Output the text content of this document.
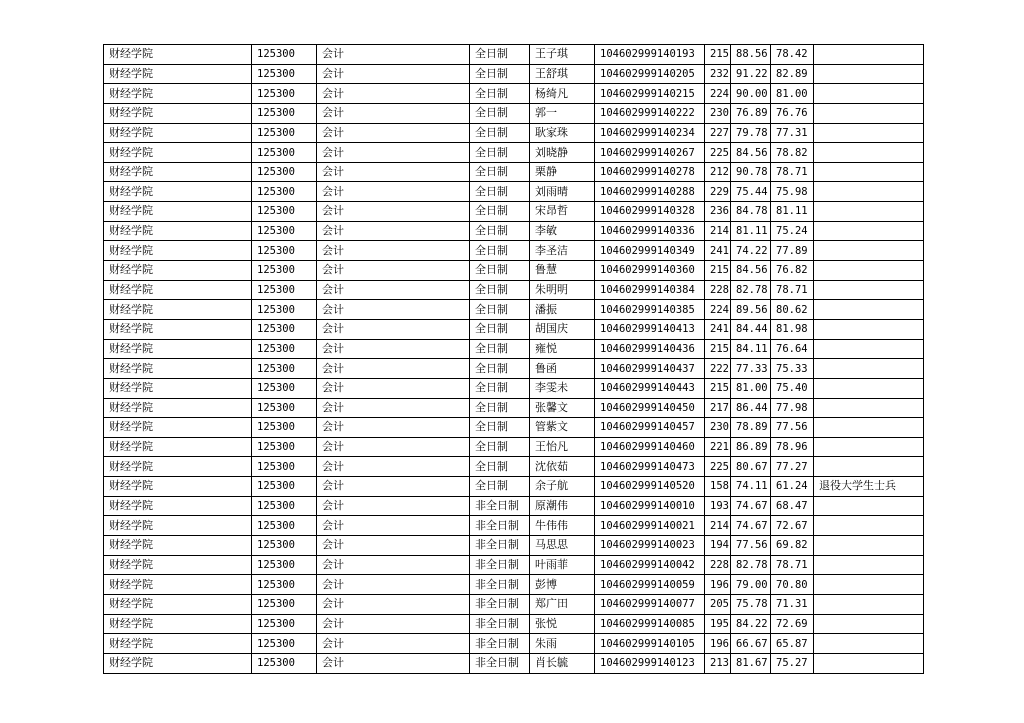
财经学院	125300	会计	全日制	王子琪	104602999140193	215	88.56	78.42	
财经学院	125300	会计	全日制	王舒琪	104602999140205	232	91.22	82.89	
财经学院	125300	会计	全日制	杨绮凡	104602999140215	224	90.00	81.00	
财经学院	125300	会计	全日制	郭一	104602999140222	230	76.89	76.76	
财经学院	125300	会计	全日制	耿家珠	104602999140234	227	79.78	77.31	
财经学院	125300	会计	全日制	刘晓静	104602999140267	225	84.56	78.82	
财经学院	125300	会计	全日制	栗静	104602999140278	212	90.78	78.71	
财经学院	125300	会计	全日制	刘雨晴	104602999140288	229	75.44	75.98	
财经学院	125300	会计	全日制	宋昂哲	104602999140328	236	84.78	81.11	
财经学院	125300	会计	全日制	李敏	104602999140336	214	81.11	75.24	
财经学院	125300	会计	全日制	李圣洁	104602999140349	241	74.22	77.89	
财经学院	125300	会计	全日制	鲁慧	104602999140360	215	84.56	76.82	
财经学院	125300	会计	全日制	朱明明	104602999140384	228	82.78	78.71	
财经学院	125300	会计	全日制	潘振	104602999140385	224	89.56	80.62	
财经学院	125300	会计	全日制	胡国庆	104602999140413	241	84.44	81.98	
财经学院	125300	会计	全日制	雍悦	104602999140436	215	84.11	76.64	
财经学院	125300	会计	全日制	鲁函	104602999140437	222	77.33	75.33	
财经学院	125300	会计	全日制	李雯未	104602999140443	215	81.00	75.40	
财经学院	125300	会计	全日制	张馨文	104602999140450	217	86.44	77.98	
财经学院	125300	会计	全日制	管紫文	104602999140457	230	78.89	77.56	
财经学院	125300	会计	全日制	王怡凡	104602999140460	221	86.89	78.96	
财经学院	125300	会计	全日制	沈依茹	104602999140473	225	80.67	77.27	
财经学院	125300	会计	全日制	余子航	104602999140520	158	74.11	61.24	退役大学生士兵
财经学院	125300	会计	非全日制	原潮伟	104602999140010	193	74.67	68.47	
财经学院	125300	会计	非全日制	牛伟伟	104602999140021	214	74.67	72.67	
财经学院	125300	会计	非全日制	马思思	104602999140023	194	77.56	69.82	
财经学院	125300	会计	非全日制	叶雨菲	104602999140042	228	82.78	78.71	
财经学院	125300	会计	非全日制	彭博	104602999140059	196	79.00	70.80	
财经学院	125300	会计	非全日制	郑广田	104602999140077	205	75.78	71.31	
财经学院	125300	会计	非全日制	张悦	104602999140085	195	84.22	72.69	
财经学院	125300	会计	非全日制	朱雨	104602999140105	196	66.67	65.87	
财经学院	125300	会计	非全日制	肖长毓	104602999140123	213	81.67	75.27	
